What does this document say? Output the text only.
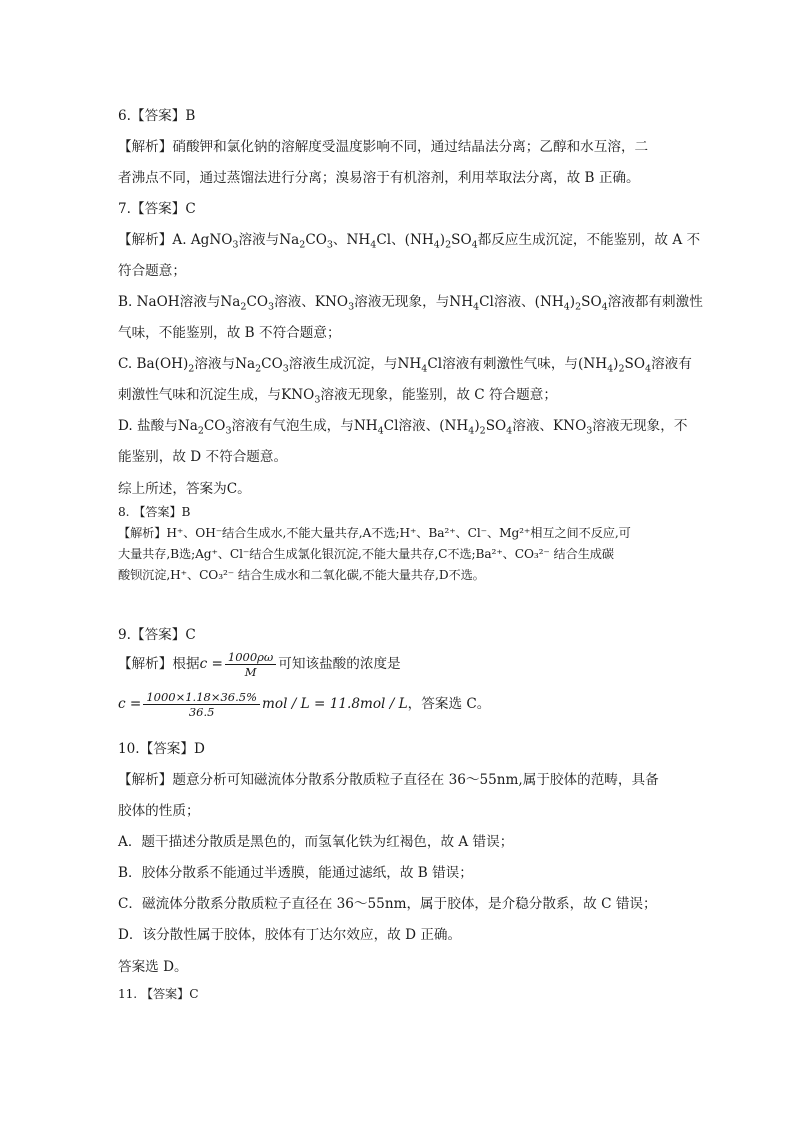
6.【答案】B
【解析】硝酸钾和氯化钠的溶解度受温度影响不同，通过结晶法分离；乙醇和水互溶，二
者沸点不同，通过蒸馏法进行分离；溴易溶于有机溶剂，利用萃取法分离，故 B 正确。
7.【答案】C
【解析】A. AgNO$_3$溶液与$Na_2CO_3$、$NH_4Cl$、$(NH_4)_2SO_4$都反应生成沉淀，不能鉴别，故 A 不
符合题意；
B. NaOH溶液与$Na_2CO_3$溶液、$KNO_3$溶液无现象，与$NH_4Cl$溶液、$(NH_4)_2SO_4$溶液都有刺激性
气味，不能鉴别，故 B 不符合题意；
C. $Ba(OH)_2$溶液与$Na_2CO_3$溶液生成沉淀，与$NH_4Cl$溶液有刺激性气味，与$(NH_4)_2SO_4$溶液有
刺激性气味和沉淀生成，与$KNO_3$溶液无现象，能鉴别，故 C 符合题意；
D. 盐酸与$Na_2CO_3$溶液有气泡生成，与$NH_4Cl$溶液、$(NH_4)_2SO_4$溶液、$KNO_3$溶液无现象，不
能鉴别，故 D 不符合题意。
综上所述，答案为C。
8. 【答案】B
【解析】H⁺、OH⁻结合生成水,不能大量共存,A不选;H⁺、Ba²⁺、Cl⁻、Mg²⁺相互之间不反应,可
大量共存,B选;Ag⁺、Cl⁻结合生成氯化银沉淀,不能大量共存,C不选;Ba²⁺、CO₃²⁻ 结合生成碳
酸钡沉淀,H⁺、CO₃²⁻ 结合生成水和二氧化碳,不能大量共存,D不选。
9.【答案】C
【解析】根据$c = \frac{1000\rho\omega}{M}$ 可知该盐酸的浓度是
$c = \frac{1000\times 1.18\times 36.5\%}{36.5}$ mol / L = 11.8mol / L，答案选 C。
10.【答案】D
【解析】题意分析可知磁流体分散系分散质粒子直径在 36～55nm,属于胶体的范畴，具备
胶体的性质；
A．题干描述分散质是黑色的，而氢氧化铁为红褐色，故 A 错误；
B．胶体分散系不能通过半透膜，能通过滤纸，故 B 错误；
C．磁流体分散系分散质粒子直径在 36～55nm，属于胶体，是介稳分散系，故 C 错误；
D．该分散性属于胶体，胶体有丁达尔效应，故 D 正确。
答案选 D。
11. 【答案】C
